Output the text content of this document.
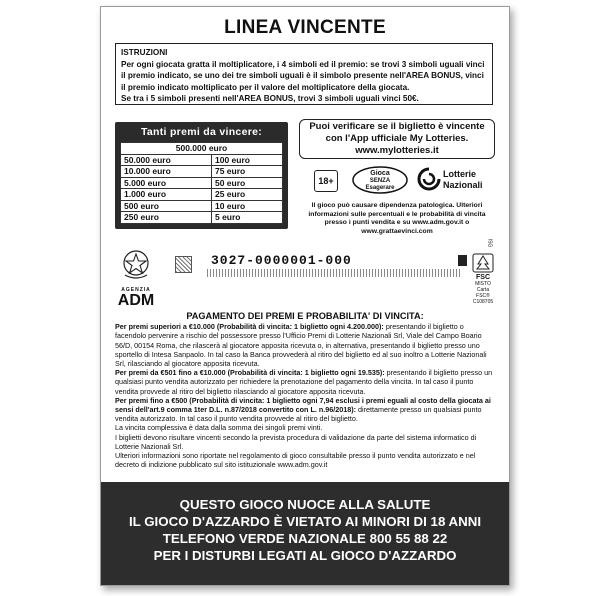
LINEA VINCENTE
ISTRUZIONI
Per ogni giocata gratta il moltiplicatore, i 4 simboli ed il premio: se trovi 3 simboli uguali vinci il premio indicato, se uno dei tre simboli uguali è il simbolo presente nell'AREA BONUS, vinci il premio indicato moltiplicato per il valore del moltiplicatore della giocata.
Se tra i 5 simboli presenti nell'AREA BONUS, trovi 3 simboli uguali vinci 50€.
Tanti premi da vincere:
500.000 euro	
50.000 euro	100 euro
10.000 euro	75 euro
5.000 euro	50 euro
1.000 euro	25 euro
500 euro	10 euro
250 euro	5 euro
Puoi verificare se il biglietto è vincente
con l'App ufficiale My Lotteries.
www.mylotteries.it
18+
Gioca
SENZA
Esagerare
Lotterie
Nazionali
Il gioco può causare dipendenza patologica. Ulteriori informazioni sulle percentuali e le probabilità di vincita presso i punti vendita e su www.adm.gov.it o www.grattaevinci.com
AGENZIA
ADM
3027-0000001-000
ISG
FSC
MISTO
Carta
FSC® C108705
PAGAMENTO DEI PREMI E PROBABILITA' DI VINCITA:

Per premi superiori a €10.000 (Probabilità di vincita: 1 biglietto ogni 4.200.000): presentando il biglietto o facendolo pervenire a rischio del possessore presso l'Ufficio Premi di Lotterie Nazionali Srl, Viale del Campo Boario 56/D, 00154 Roma, che rilascerà al giocatore apposita ricevuta o, in alternativa, presentando il biglietto presso uno sportello di Intesa Sanpaolo. In tal caso la Banca provvederà al ritiro del biglietto ed al suo inoltro a Lotterie Nazionali Srl, rilasciando al giocatore apposita ricevuta.

Per premi da €501 fino a €10.000 (Probabilità di vincita: 1 biglietto ogni 19.535): presentando il biglietto presso un qualsiasi punto vendita autorizzato per richiedere la prenotazione del pagamento della vincita. In tal caso il punto vendita provvede al ritiro del biglietto rilasciando al giocatore apposita ricevuta.

Per premi fino a €500 (Probabilità di vincita: 1 biglietto ogni 7,94 esclusi i premi eguali al costo della giocata ai sensi dell'art.9 comma 1ter D.L. n.87/2018 convertito con L. n.96/2018): direttamente presso un qualsiasi punto vendita autorizzato. In tal caso il punto vendita provvede al ritiro del biglietto.

La vincita complessiva è data dalla somma dei singoli premi vinti.

I biglietti devono risultare vincenti secondo la prevista procedura di validazione da parte del sistema informatico di Lotterie Nazionali Srl.

Ulteriori informazioni sono riportate nel regolamento di gioco consultabile presso il punto vendita autorizzato e nel decreto di indizione pubblicato sul sito istituzionale www.adm.gov.it

QUESTO GIOCO NUOCE ALLA SALUTE
IL GIOCO D'AZZARDO È VIETATO AI MINORI DI 18 ANNI
TELEFONO VERDE NAZIONALE 800 55 88 22
PER I DISTURBI LEGATI AL GIOCO D'AZZARDO
